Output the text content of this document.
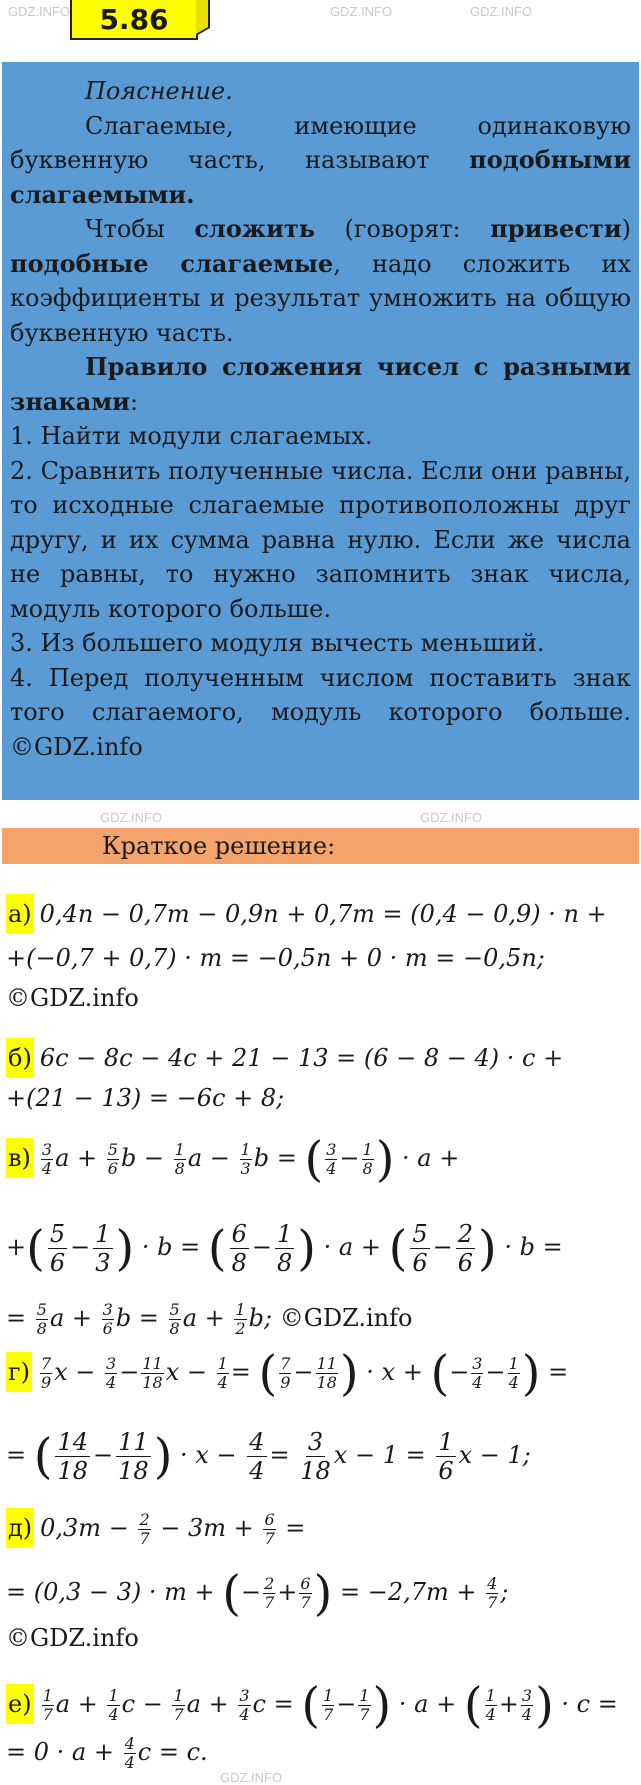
GDZ.INFO	GDZ.INFO	GDZ.INFO
GDZ.INFO	GDZ.INFO
GDZ.INFO
5.86

Пояснение.

Слагаемые, имеющие одинаковую буквенную часть, называют подобными слагаемыми.

Чтобы сложить (говорят: привести) подобные слагаемые, надо сложить их коэффициенты и результат умножить на общую буквенную часть.

Правило сложения чисел с разными знаками:

1. Найти модули слагаемых.

2. Сравнить полученные числа. Если они равны, то исходные слагаемые противоположны друг другу, и их сумма равна нулю. Если же числа не равны, то нужно запомнить знак числа, модуль которого больше.

3. Из большего модуля вычесть меньший.

4. Перед полученным числом поставить знак того слагаемого, модуль которого больше. ©GDZ.info

Краткое решение:
а) 0,4n − 0,7m − 0,9n + 0,7m = (0,4 − 0,9) · n +
+(−0,7 + 0,7) · m = −0,5n + 0 · m = −0,5n;
©GDZ.info
б) 6c − 8c − 4c + 21 − 13 = (6 − 8 − 4) · c +
+(21 − 13) = −6c + 8;
$в) \frac{3}{4}$ $a + \frac{5}{6}$ $b - \frac{1}{8}$ $a - \frac{1}{3}$ b = ( $\frac{3}{4} - \frac{1}{8}$ ) · a +
+( $\frac{5}{6} - \frac{1}{3}$ ) · b = ( $\frac{6}{8} - \frac{1}{8}$ ) · a + ( $\frac{5}{6} - \frac{2}{6}$ ) · b =
= $\frac{5}{8}$ $a + \frac{3}{6}$ $b = \frac{5}{8}$ $a + \frac{1}{2} b$; ©GDZ.info
$г) \frac{7}{9}$ $x - \frac{3}{4} - \frac{11}{18}$ $x - \frac{1}{4}$ = ( $\frac{7}{9} - \frac{11}{18}$ ) · x + (− $\frac{3}{4} - \frac{1}{4}$ ) =
= ( $\frac{14}{18} - \frac{11}{18}$ ) · $x - \frac{4}{4} = \frac{3}{18}$ $x - 1 = \frac{1}{6}$ x − 1;
д) $0,3m - \frac{2}{7} - 3m + \frac{6}{7}$ =
= (0,3 − 3) · m + (− $\frac{2}{7} + \frac{6}{7}$ ) = $-2,7m + \frac{4}{7}$ ;
©GDZ.info
$е) \frac{1}{7}$ $a + \frac{1}{4}$ $c - \frac{1}{7}$ $a + \frac{3}{4}$ c = ( $\frac{1}{7} - \frac{1}{7}$ ) · a + ( $\frac{1}{4} + \frac{3}{4}$ ) · c =
= $0 \cdot a + \frac{4}{4}$ c = c.
